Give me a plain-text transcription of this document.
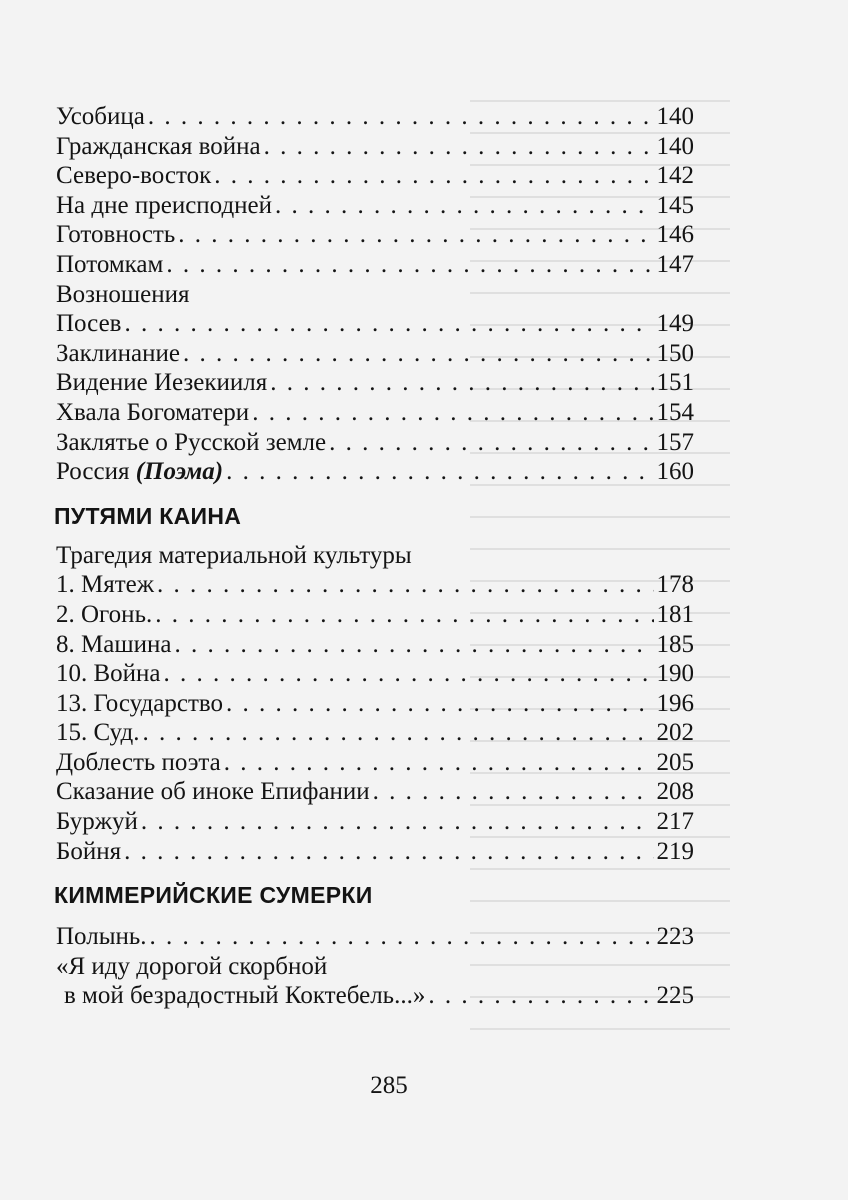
Усобица . . .	140
Гражданская война . . .	140
Северо-восток . . .	142
На дне преисподней . . .	145
Готовность . . .	146
Потомкам . . .	147
Вознoшения
Посев . . .	149
Заклинание . . .	150
Видение Иезекииля . . .	151
Хвала Богоматери . . .	154
Заклятье о Русской земле . . .	157
Россия (Поэма) . . .	160
ПУТЯМИ КАИНА
Трагедия материальной культуры
1. Мятеж . . .	178
2. Огонь. . . .	181
8. Машина . . .	185
10. Война . . .	190
13. Государство . . .	196
15. Суд. . . .	202
Доблесть поэта . . .	205
Сказание об иноке Епифании . . .	208
Буржуй . . .	217
Бойня . . .	219
КИММЕРИЙСКИЕ СУМЕРКИ
Полынь. . . .	223
«Я иду дорогой скорбной
в мой безрадостный Коктебель...» . . .	225
285
